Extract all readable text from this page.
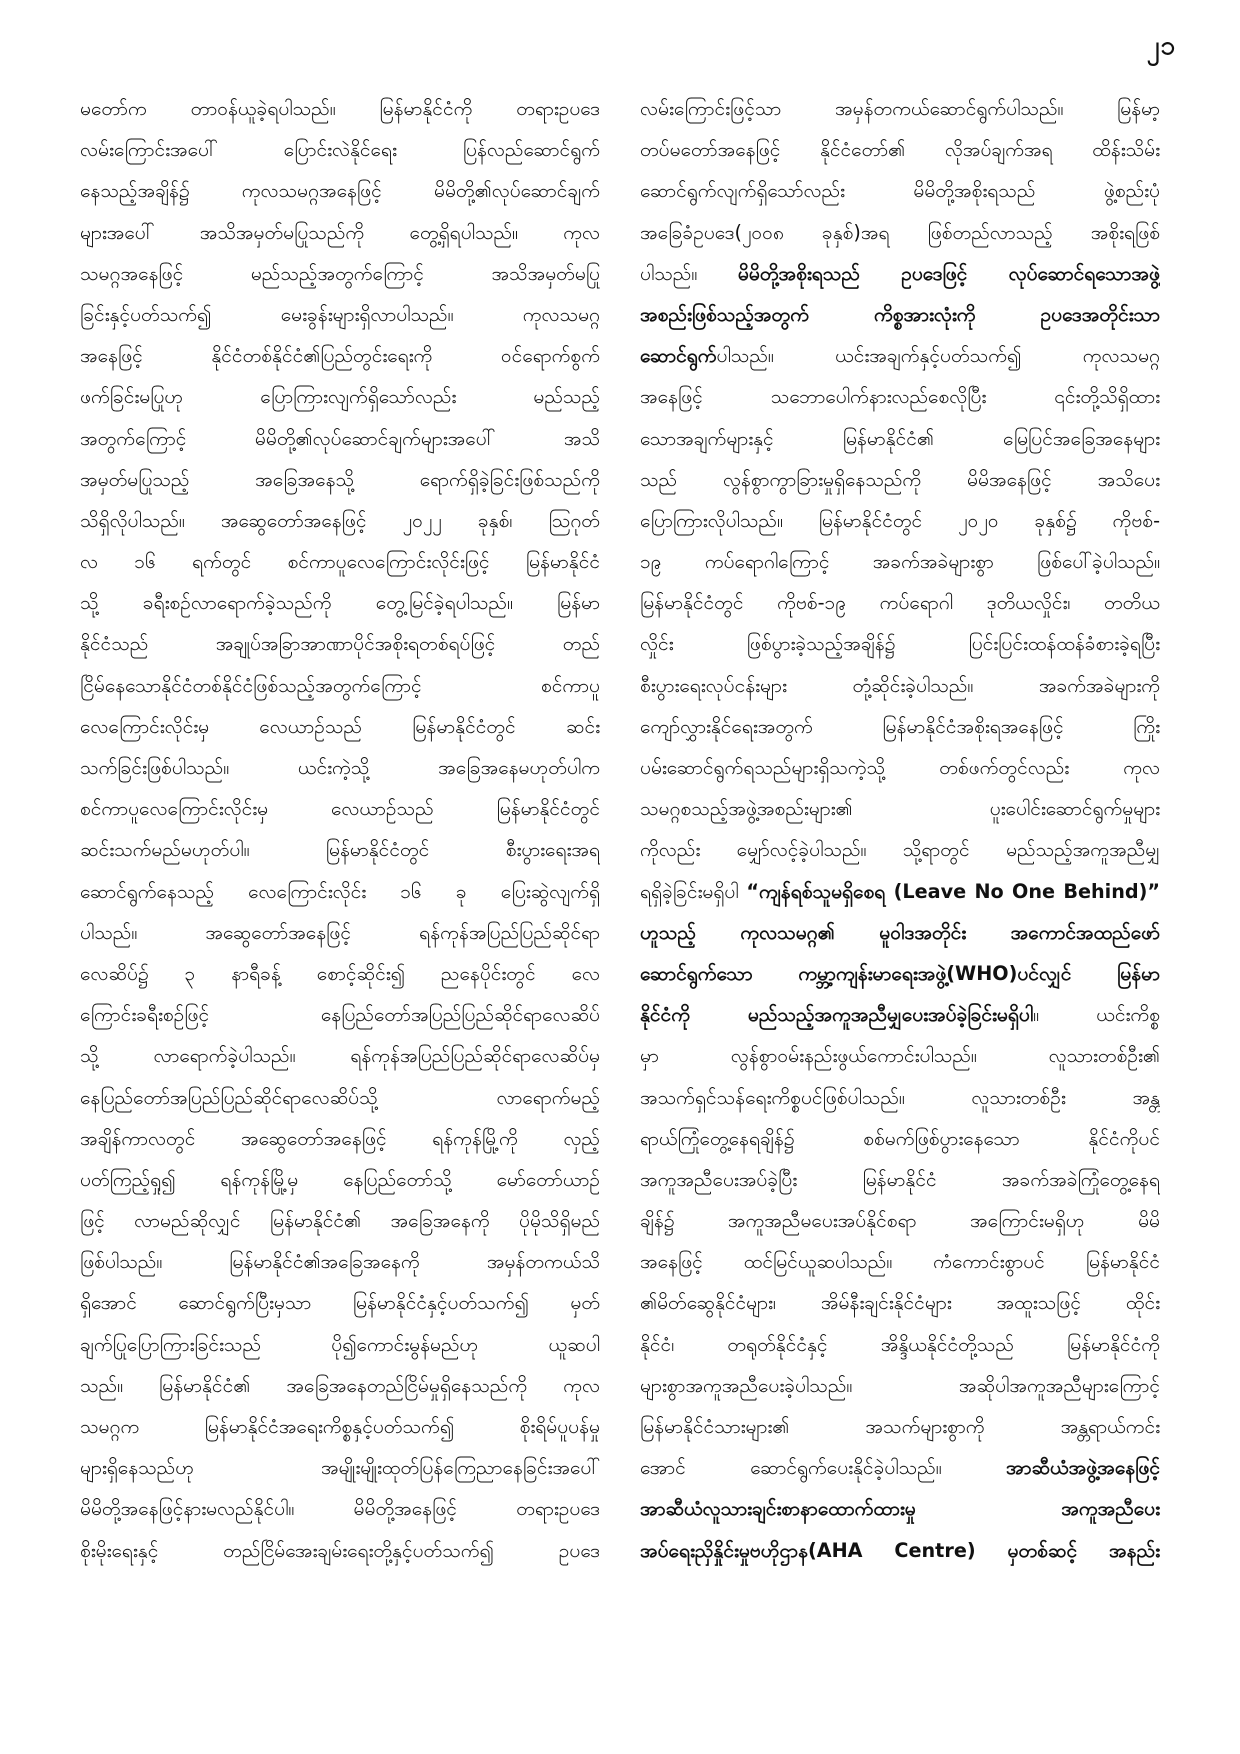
၂၁
မတော်က တာဝန်ယူခဲ့ရပါသည်။ မြန်မာနိုင်ငံကို တရားဥပဒေ
လမ်းကြောင်းအပေါ် ပြောင်းလဲနိုင်ရေး ပြန်လည်ဆောင်ရွက်
နေသည့်အချိန်၌ ကုလသမဂ္ဂအနေဖြင့် မိမိတို့၏လုပ်ဆောင်ချက်
များအပေါ် အသိအမှတ်မပြုသည်ကို တွေ့ရှိရပါသည်။ ကုလ
သမဂ္ဂအနေဖြင့် မည်သည့်အတွက်ကြောင့် အသိအမှတ်မပြု
ခြင်းနှင့်ပတ်သက်၍ မေးခွန်းများရှိလာပါသည်။ ကုလသမဂ္ဂ
အနေဖြင့် နိုင်ငံတစ်နိုင်ငံ၏ပြည်တွင်းရေးကို ဝင်ရောက်စွက်
ဖက်ခြင်းမပြုဟု ပြောကြားလျက်ရှိသော်လည်း မည်သည့်
အတွက်ကြောင့် မိမိတို့၏လုပ်ဆောင်ချက်များအပေါ် အသိ
အမှတ်မပြုသည့် အခြေအနေသို့ ရောက်ရှိခဲ့ခြင်းဖြစ်သည်ကို
သိရှိလိုပါသည်။ အဆွေတော်အနေဖြင့် ၂၀၂၂ ခုနှစ်၊ ဩဂုတ်
လ ၁၆ ရက်တွင် စင်ကာပူလေကြောင်းလိုင်းဖြင့် မြန်မာနိုင်ငံ
သို့ ခရီးစဉ်လာရောက်ခဲ့သည်ကို တွေ့မြင်ခဲ့ရပါသည်။ မြန်မာ
နိုင်ငံသည် အချုပ်အခြာအာဏာပိုင်အစိုးရတစ်ရပ်ဖြင့် တည်
ငြိမ်နေသောနိုင်ငံတစ်နိုင်ငံဖြစ်သည့်အတွက်ကြောင့် စင်ကာပူ
လေကြောင်းလိုင်းမှ လေယာဉ်သည် မြန်မာနိုင်ငံတွင် ဆင်း
သက်ခြင်းဖြစ်ပါသည်။ ယင်းကဲ့သို့ အခြေအနေမဟုတ်ပါက
စင်ကာပူလေကြောင်းလိုင်းမှ လေယာဉ်သည် မြန်မာနိုင်ငံတွင်
ဆင်းသက်မည်မဟုတ်ပါ။ မြန်မာနိုင်ငံတွင် စီးပွားရေးအရ
ဆောင်ရွက်နေသည့် လေကြောင်းလိုင်း ၁၆ ခု ပြေးဆွဲလျက်ရှိ
ပါသည်။ အဆွေတော်အနေဖြင့် ရန်ကုန်အပြည်ပြည်ဆိုင်ရာ
လေဆိပ်၌ ၃ နာရီခန့် စောင့်ဆိုင်း၍ ညနေပိုင်းတွင် လေ
ကြောင်းခရီးစဉ်ဖြင့် နေပြည်တော်အပြည်ပြည်ဆိုင်ရာလေဆိပ်
သို့ လာရောက်ခဲ့ပါသည်။ ရန်ကုန်အပြည်ပြည်ဆိုင်ရာလေဆိပ်မှ
နေပြည်တော်အပြည်ပြည်ဆိုင်ရာလေဆိပ်သို့ လာရောက်မည့်
အချိန်ကာလတွင် အဆွေတော်အနေဖြင့် ရန်ကုန်မြို့ကို လှည့်
ပတ်ကြည့်ရှု၍ ရန်ကုန်မြို့မှ နေပြည်တော်သို့ မော်တော်ယာဉ်
ဖြင့် လာမည်ဆိုလျှင် မြန်မာနိုင်ငံ၏ အခြေအနေကို ပိုမိုသိရှိမည်
ဖြစ်ပါသည်။ မြန်မာနိုင်ငံ၏အခြေအနေကို အမှန်တကယ်သိ
ရှိအောင် ဆောင်ရွက်ပြီးမှသာ မြန်မာနိုင်ငံနှင့်ပတ်သက်၍ မှတ်
ချက်ပြုပြောကြားခြင်းသည် ပို၍ကောင်းမွန်မည်ဟု ယူဆပါ
သည်။ မြန်မာနိုင်ငံ၏ အခြေအနေတည်ငြိမ်မှုရှိနေသည်ကို ကုလ
သမဂ္ဂက မြန်မာနိုင်ငံအရေးကိစ္စနှင့်ပတ်သက်၍ စိုးရိမ်ပူပန်မှု
များရှိနေသည်ဟု အမျိုးမျိုးထုတ်ပြန်ကြေညာနေခြင်းအပေါ်
မိမိတို့အနေဖြင့်နားမလည်နိုင်ပါ။ မိမိတို့အနေဖြင့် တရားဥပဒေ
စိုးမိုးရေးနှင့် တည်ငြိမ်အေးချမ်းရေးတို့နှင့်ပတ်သက်၍ ဥပဒေ
လမ်းကြောင်းဖြင့်သာ အမှန်တကယ်ဆောင်ရွက်ပါသည်။ မြန်မာ့
တပ်မတော်အနေဖြင့် နိုင်ငံတော်၏ လိုအပ်ချက်အရ ထိန်းသိမ်း
ဆောင်ရွက်လျက်ရှိသော်လည်း မိမိတို့အစိုးရသည် ဖွဲ့စည်းပုံ
အခြေခံဥပဒေ(၂၀၀၈ ခုနှစ်)အရ ဖြစ်တည်လာသည့် အစိုးရဖြစ်
ပါသည်။ မိမိတို့အစိုးရသည် ဥပဒေဖြင့် လုပ်ဆောင်ရသောအဖွဲ့
အစည်းဖြစ်သည့်အတွက် ကိစ္စအားလုံးကို ဥပဒေအတိုင်းသာ
ဆောင်ရွက်ပါသည်။ ယင်းအချက်နှင့်ပတ်သက်၍ ကုလသမဂ္ဂ
အနေဖြင့် သဘောပေါက်နားလည်စေလိုပြီး ၎င်းတို့သိရှိထား
သောအချက်များနှင့် မြန်မာနိုင်ငံ၏ မြေပြင်အခြေအနေများ
သည် လွန်စွာကွာခြားမှုရှိနေသည်ကို မိမိအနေဖြင့် အသိပေး
ပြောကြားလိုပါသည်။ မြန်မာနိုင်ငံတွင် ၂၀၂၀ ခုနှစ်၌ ကိုဗစ်-
၁၉ ကပ်ရောဂါကြောင့် အခက်အခဲများစွာ ဖြစ်ပေါ်ခဲ့ပါသည်။
မြန်မာနိုင်ငံတွင် ကိုဗစ်-၁၉ ကပ်ရောဂါ ဒုတိယလှိုင်း၊ တတိယ
လှိုင်း ဖြစ်ပွားခဲ့သည့်အချိန်၌ ပြင်းပြင်းထန်ထန်ခံစားခဲ့ရပြီး
စီးပွားရေးလုပ်ငန်းများ တုံ့ဆိုင်းခဲ့ပါသည်။ အခက်အခဲများကို
ကျော်လွှားနိုင်ရေးအတွက် မြန်မာနိုင်ငံအစိုးရအနေဖြင့် ကြိုး
ပမ်းဆောင်ရွက်ရသည်များရှိသကဲ့သို့ တစ်ဖက်တွင်လည်း ကုလ
သမဂ္ဂစသည့်အဖွဲ့အစည်းများ၏ ပူးပေါင်းဆောင်ရွက်မှုများ
ကိုလည်း မျှော်လင့်ခဲ့ပါသည်။ သို့ရာတွင် မည်သည့်အကူအညီမျှ
ရရှိခဲ့ခြင်းမရှိပါ “ကျန်ရစ်သူမရှိစေရ (Leave No One Behind)”
ဟူသည့် ကုလသမဂ္ဂ၏ မူဝါဒအတိုင်း အကောင်အထည်ဖော်
ဆောင်ရွက်သော ကမ္ဘာ့ကျန်းမာရေးအဖွဲ့(WHO)ပင်လျှင် မြန်မာ
နိုင်ငံကို မည်သည့်အကူအညီမျှပေးအပ်ခဲ့ခြင်းမရှိပါ။ ယင်းကိစ္စ
မှာ လွန်စွာဝမ်းနည်းဖွယ်ကောင်းပါသည်။ လူသားတစ်ဦး၏
အသက်ရှင်သန်ရေးကိစ္စပင်ဖြစ်ပါသည်။ လူသားတစ်ဦး အန္တ
ရာယ်ကြုံတွေ့နေရချိန်၌ စစ်မက်ဖြစ်ပွားနေသော နိုင်ငံကိုပင်
အကူအညီပေးအပ်ခဲ့ပြီး မြန်မာနိုင်ငံ အခက်အခဲကြုံတွေ့နေရ
ချိန်၌ အကူအညီမပေးအပ်နိုင်စရာ အကြောင်းမရှိဟု မိမိ
အနေဖြင့် ထင်မြင်ယူဆပါသည်။ ကံကောင်းစွာပင် မြန်မာနိုင်ငံ
၏မိတ်ဆွေနိုင်ငံများ၊ အိမ်နီးချင်းနိုင်ငံများ အထူးသဖြင့် ထိုင်း
နိုင်ငံ၊ တရုတ်နိုင်ငံနှင့် အိန္ဒိယနိုင်ငံတို့သည် မြန်မာနိုင်ငံကို
များစွာအကူအညီပေးခဲ့ပါသည်။ အဆိုပါအကူအညီများကြောင့်
မြန်မာနိုင်ငံသားများ၏ အသက်များစွာကို အန္တရာယ်ကင်း
အောင် ဆောင်ရွက်ပေးနိုင်ခဲ့ပါသည်။ အာဆီယံအဖွဲ့အနေဖြင့်
အာဆီယံလူသားချင်းစာနာထောက်ထားမှု အကူအညီပေး
အပ်ရေးညှိနှိုင်းမှုဗဟိုဌာန(AHA Centre) မှတစ်ဆင့် အနည်း
